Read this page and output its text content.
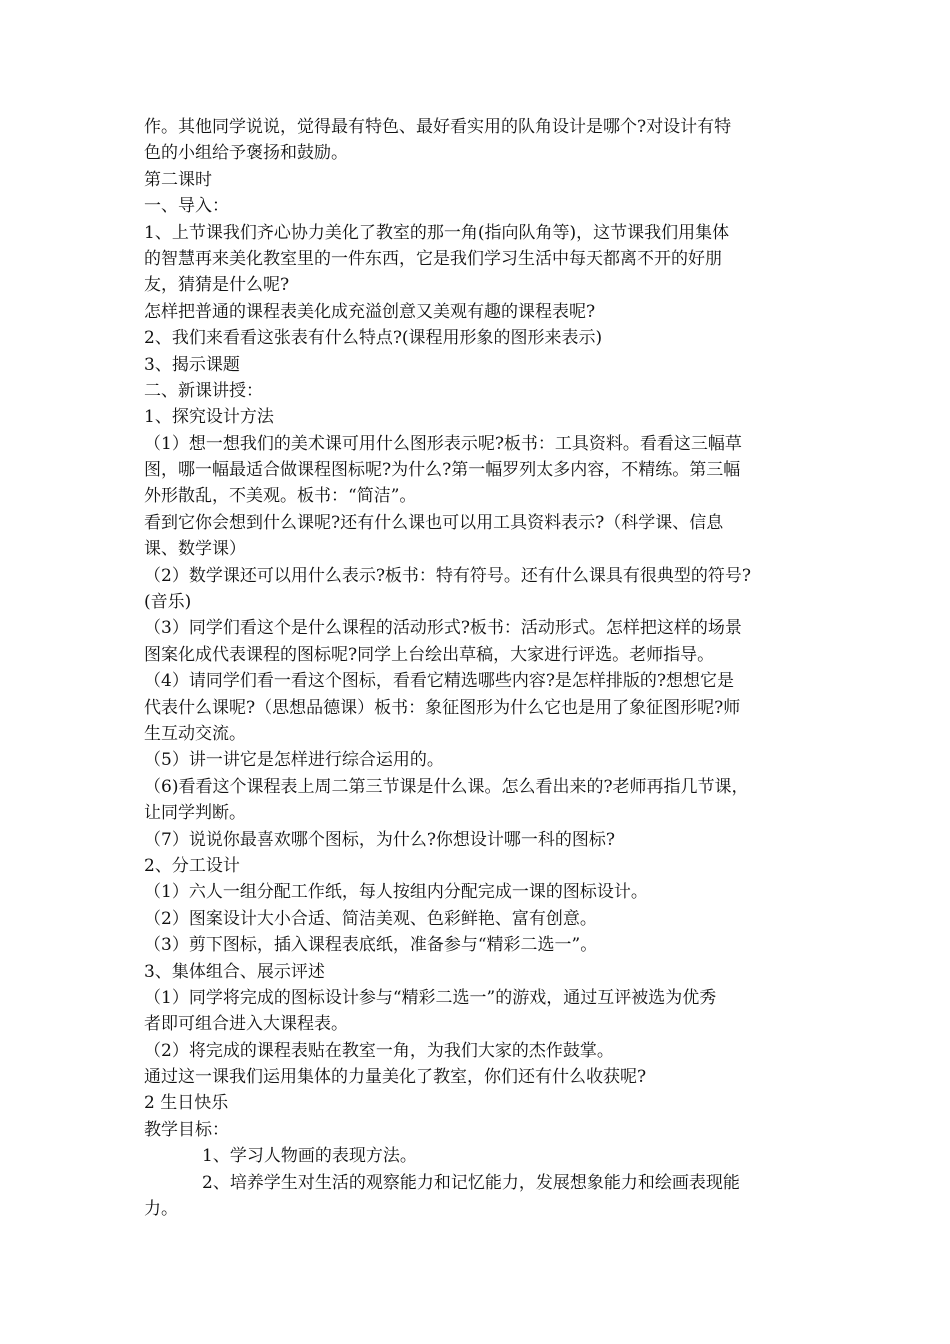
作。其他同学说说，觉得最有特色、最好看实用的队角设计是哪个?对设计有特
色的小组给予褒扬和鼓励。
第二课时
一、导入：
1、上节课我们齐心协力美化了教室的那一角(指向队角等)，这节课我们用集体
的智慧再来美化教室里的一件东西，它是我们学习生活中每天都离不开的好朋
友，猜猜是什么呢?
怎样把普通的课程表美化成充溢创意又美观有趣的课程表呢?
2、我们来看看这张表有什么特点?(课程用形象的图形来表示)
3、揭示课题
二、新课讲授：
1、探究设计方法
（1）想一想我们的美术课可用什么图形表示呢?板书：工具资料。看看这三幅草
图，哪一幅最适合做课程图标呢?为什么?第一幅罗列太多内容，不精练。第三幅
外形散乱，不美观。板书：“简洁”。
看到它你会想到什么课呢?还有什么课也可以用工具资料表示?（科学课、信息
课、数学课）
（2）数学课还可以用什么表示?板书：特有符号。还有什么课具有很典型的符号?
(音乐)
（3）同学们看这个是什么课程的活动形式?板书：活动形式。怎样把这样的场景
图案化成代表课程的图标呢?同学上台绘出草稿，大家进行评选。老师指导。
（4）请同学们看一看这个图标，看看它精选哪些内容?是怎样排版的?想想它是
代表什么课呢?（思想品德课）板书：象征图形为什么它也是用了象征图形呢?师
生互动交流。
（5）讲一讲它是怎样进行综合运用的。
（6)看看这个课程表上周二第三节课是什么课。怎么看出来的?老师再指几节课，
让同学判断。
（7）说说你最喜欢哪个图标，为什么?你想设计哪一科的图标?
2、分工设计
（1）六人一组分配工作纸，每人按组内分配完成一课的图标设计。
（2）图案设计大小合适、简洁美观、色彩鲜艳、富有创意。
（3）剪下图标，插入课程表底纸，准备参与“精彩二选一”。
3、集体组合、展示评述
（1）同学将完成的图标设计参与“精彩二选一”的游戏，通过互评被选为优秀
者即可组合进入大课程表。
（2）将完成的课程表贴在教室一角，为我们大家的杰作鼓掌。
通过这一课我们运用集体的力量美化了教室，你们还有什么收获呢?
2 生日快乐
教学目标：
1、学习人物画的表现方法。
2、培养学生对生活的观察能力和记忆能力，发展想象能力和绘画表现能
力。
